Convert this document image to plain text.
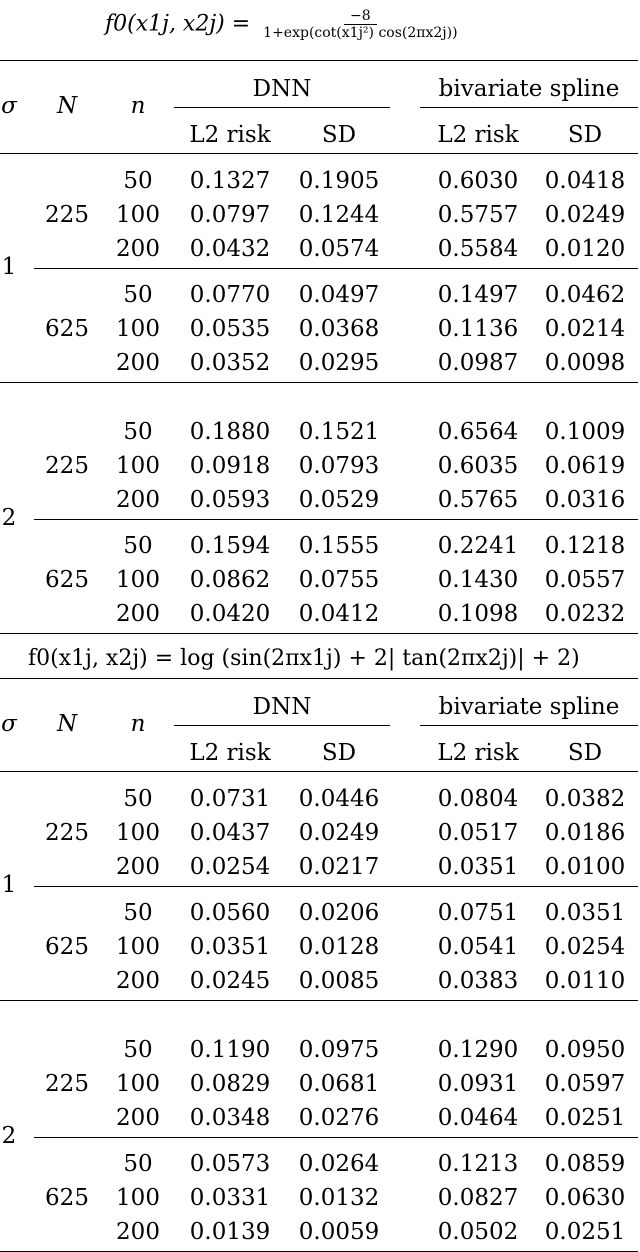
f0(x1j, $x2j) = \frac{-8}{\text{1+exp(cot(x1j²) cos(2πx2j))}}$
f0(x1j, x2j) = log (sin(2πx1j) + 2| tan(2πx2j)| + 2)
σ N n
DNN	bivariate spline
L2 risk SD	L2 risk SD
1
225
50 0.1327 0.1905	0.6030 0.0418
100 0.0797 0.1244	0.5757 0.0249
200 0.0432 0.0574	0.5584 0.0120
625
50 0.0770 0.0497	0.1497 0.0462
100 0.0535 0.0368	0.1136 0.0214
200 0.0352 0.0295	0.0987 0.0098
2
225
50 0.1880 0.1521	0.6564 0.1009
100 0.0918 0.0793	0.6035 0.0619
200 0.0593 0.0529	0.5765 0.0316
625
50 0.1594 0.1555	0.2241 0.1218
100 0.0862 0.0755	0.1430 0.0557
200 0.0420 0.0412	0.1098 0.0232
σ N n
DNN	bivariate spline
L2 risk SD	L2 risk SD
1
225
50 0.0731 0.0446	0.0804 0.0382
100 0.0437 0.0249	0.0517 0.0186
200 0.0254 0.0217	0.0351 0.0100
625
50 0.0560 0.0206	0.0751 0.0351
100 0.0351 0.0128	0.0541 0.0254
200 0.0245 0.0085	0.0383 0.0110
2
225
50 0.1190 0.0975	0.1290 0.0950
100 0.0829 0.0681	0.0931 0.0597
200 0.0348 0.0276	0.0464 0.0251
625
50 0.0573 0.0264	0.1213 0.0859
100 0.0331 0.0132	0.0827 0.0630
200 0.0139 0.0059	0.0502 0.0251
